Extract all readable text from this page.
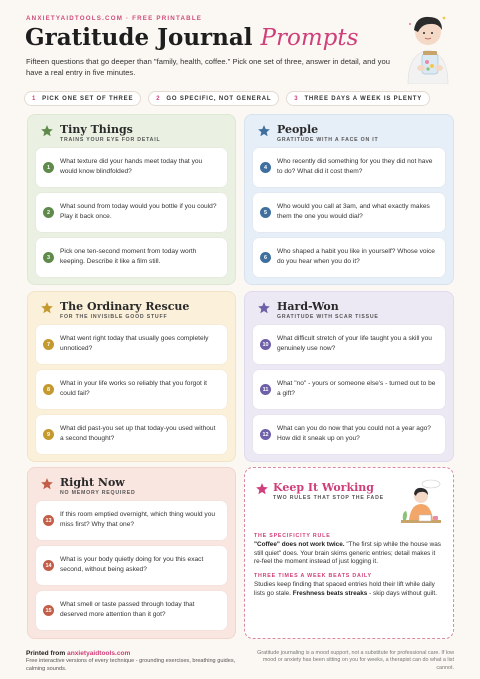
ANXIETYAIDTOOLS.COM · FREE PRINTABLE
Gratitude Journal Prompts
Fifteen questions that go deeper than "family, health, coffee." Pick one set of three, answer in detail, and you have a real entry in five minutes.
1 PICK ONE SET OF THREE	2 GO SPECIFIC, NOT GENERAL	3 THREE DAYS A WEEK IS PLENTY
Tiny Things
TRAINS YOUR EYE FOR DETAIL
1
What texture did your hands meet today that you would know blindfolded?
2
What sound from today would you bottle if you could? Play it back once.
3
Pick one ten-second moment from today worth keeping. Describe it like a film still.
People
GRATITUDE WITH A FACE ON IT
4
Who recently did something for you they did not have to do? What did it cost them?
5
Who would you call at 3am, and what exactly makes them the one you would dial?
6
Who shaped a habit you like in yourself? Whose voice do you hear when you do it?
The Ordinary Rescue
FOR THE INVISIBLE GOOD STUFF
7
What went right today that usually goes completely unnoticed?
8
What in your life works so reliably that you forgot it could fail?
9
What did past-you set up that today-you used without a second thought?
Hard-Won
GRATITUDE WITH SCAR TISSUE
10
What difficult stretch of your life taught you a skill you genuinely use now?
11
What "no" - yours or someone else's - turned out to be a gift?
12
What can you do now that you could not a year ago? How did it sneak up on you?
Right Now
NO MEMORY REQUIRED
13
If this room emptied overnight, which thing would you miss first? Why that one?
14
What is your body quietly doing for you this exact second, without being asked?
15
What smell or taste passed through today that deserved more attention than it got?
Keep It Working
TWO RULES THAT STOP THE FADE
THE SPECIFICITY RULE
"Coffee" does not work twice. "The first sip while the house was still quiet" does. Your brain skims generic entries; detail makes it re-feel the moment instead of just logging it.
THREE TIMES A WEEK BEATS DAILY
Studies keep finding that spaced entries hold their lift while daily lists go stale. Freshness beats streaks - skip days without guilt.
Printed from anxietyaidtools.com
Free interactive versions of every technique - grounding exercises, breathing guides, calming sounds.
Gratitude journaling is a mood support, not a substitute for professional care. If low mood or anxiety has been sitting on you for weeks, a therapist can do what a list cannot.
